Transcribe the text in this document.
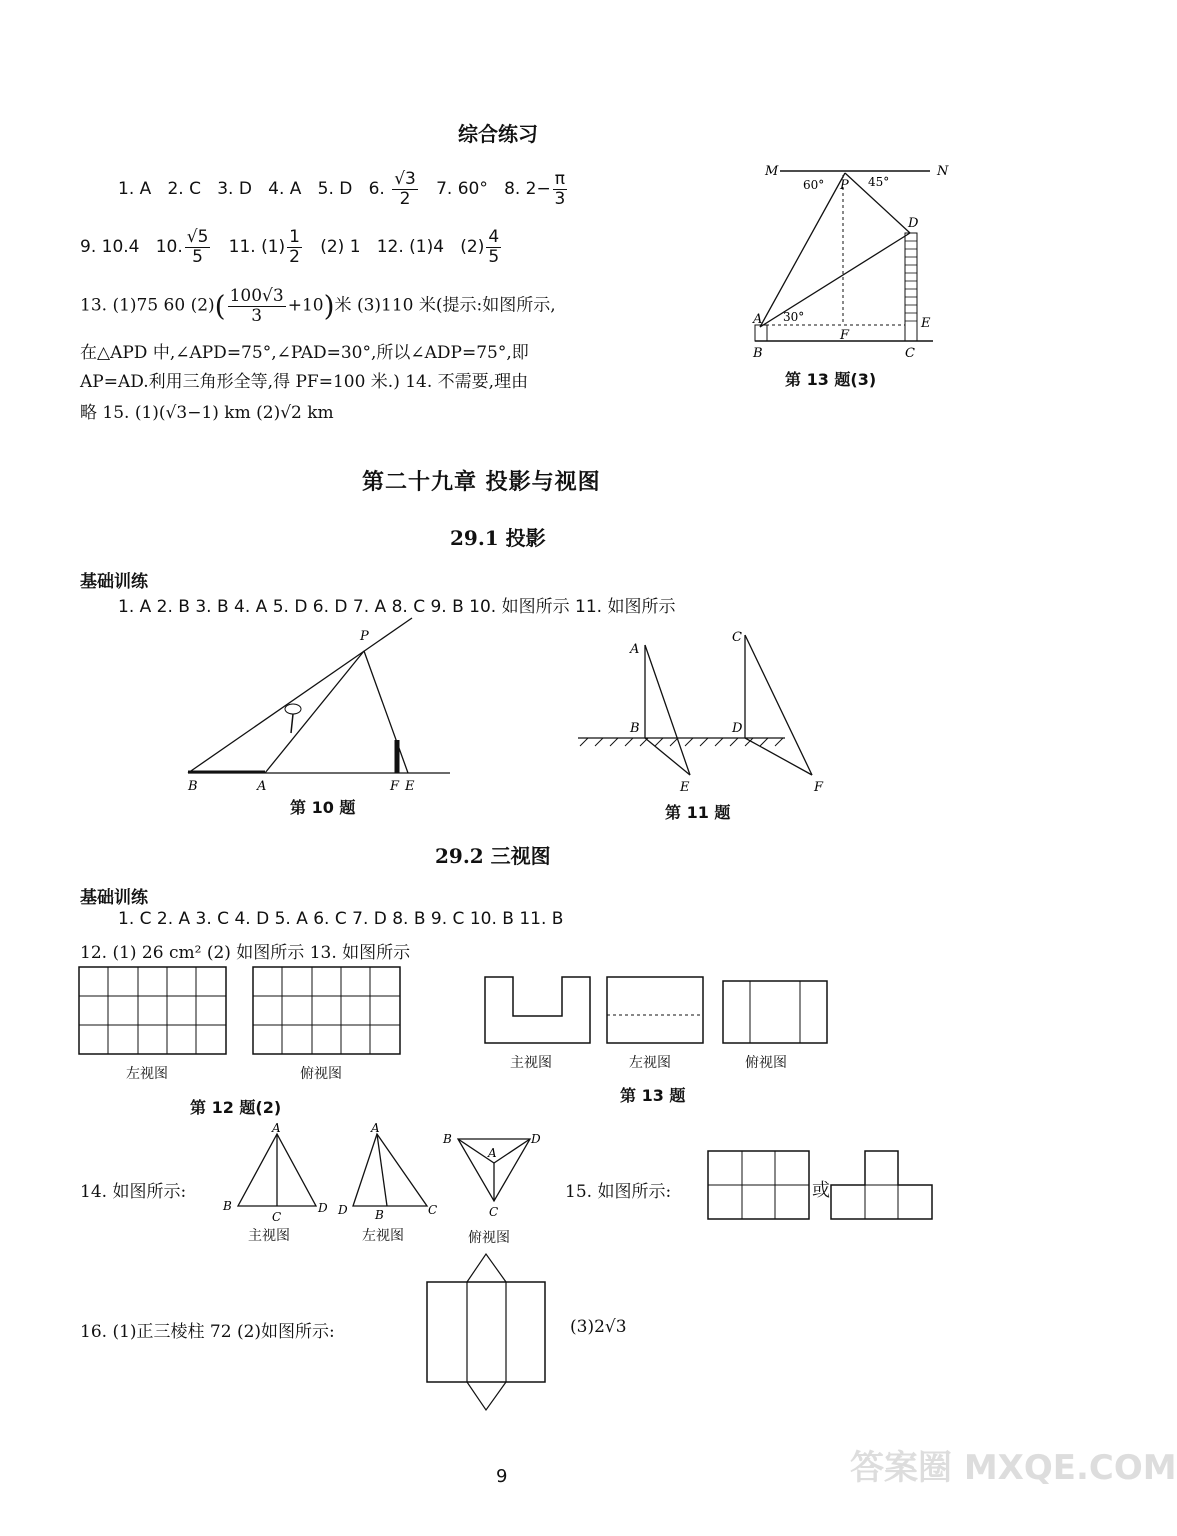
综合练习
1. A 2. C 3. D 4. A 5. D 6. $\frac{√3}{2} 7$. 60° 8. $2- \frac{\pi}{3}$
9. 10.4 10. $\frac{√5}{5} 11$. $(1) \frac{1}{2} (2)$ 1 12. (1)4 $(2) \frac{4}{5}$
13. (1)75 60 $(2)( \frac{100√3}{3} +10)$米 (3)110 米(提示:如图所示,
在△APD 中,∠APD=75°,∠PAD=30°,所以∠ADP=75°,即
AP=AD.利用三角形全等,得 PF=100 米.) 14. 不需要,理由
略 15. (1)(√3−1) km (2)√2 km
M	N
P
60°	45°
D
A 30°
F
E
B	C
第 13 题(3)
第二十九章 投影与视图
29.1 投影
基础训练
1. A 2. B 3. B 4. A 5. D 6. D 7. A 8. C 9. B 10. 如图所示 11. 如图所示
P
B	A	F E
第 10 题
A
B
E
C
D
F
第 11 题
29.2 三视图
基础训练
1. C 2. A 3. C 4. D 5. A 6. C 7. D 8. B 9. C 10. B 11. B
12. (1) 26 cm² (2) 如图所示 13. 如图所示
左视图	俯视图
第 12 题(2)
主视图	左视图	俯视图
第 13 题
14. 如图所示:
A
B
C
D
主视图
A
D B	C
左视图
B	D
A
C
俯视图
15. 如图所示:	或
16. (1)正三棱柱 72 (2)如图所示:	(3)2√3
9	答案圈 MXQE.COM
